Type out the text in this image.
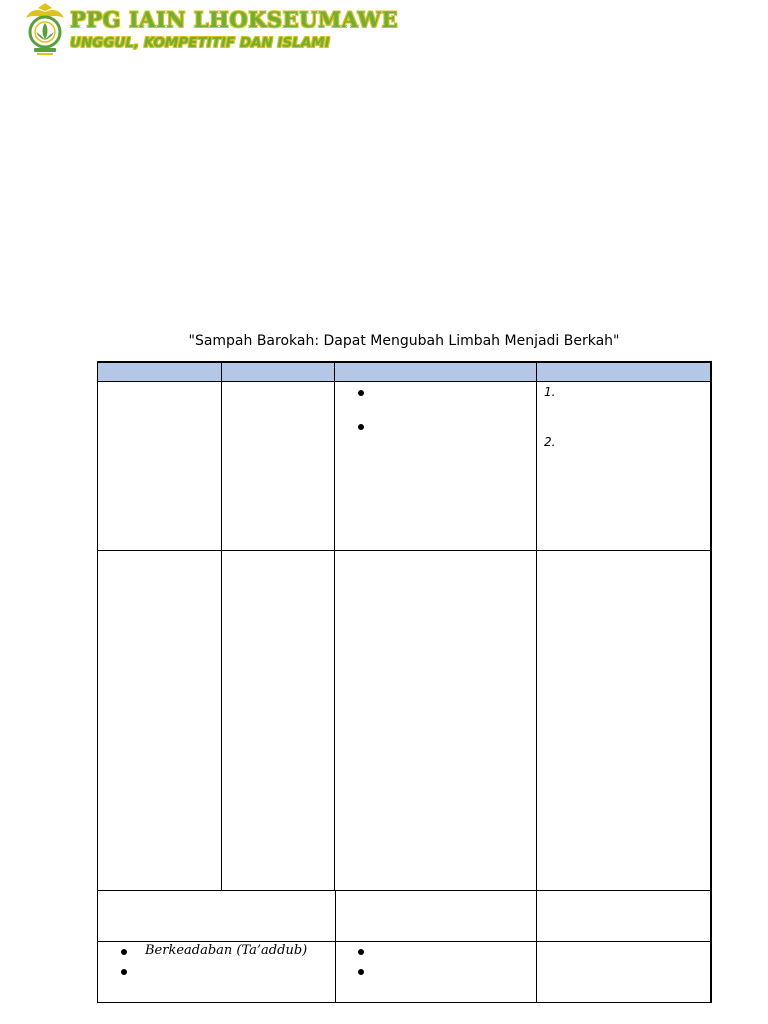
PPG IAIN LHOKSEUMAWE
UNGGUL, KOMPETITIF DAN ISLAMI
"Sampah Barokah: Dapat Mengubah Limbah Menjadi Berkah"
1.
2.
Berkeadaban (Ta’addub)
